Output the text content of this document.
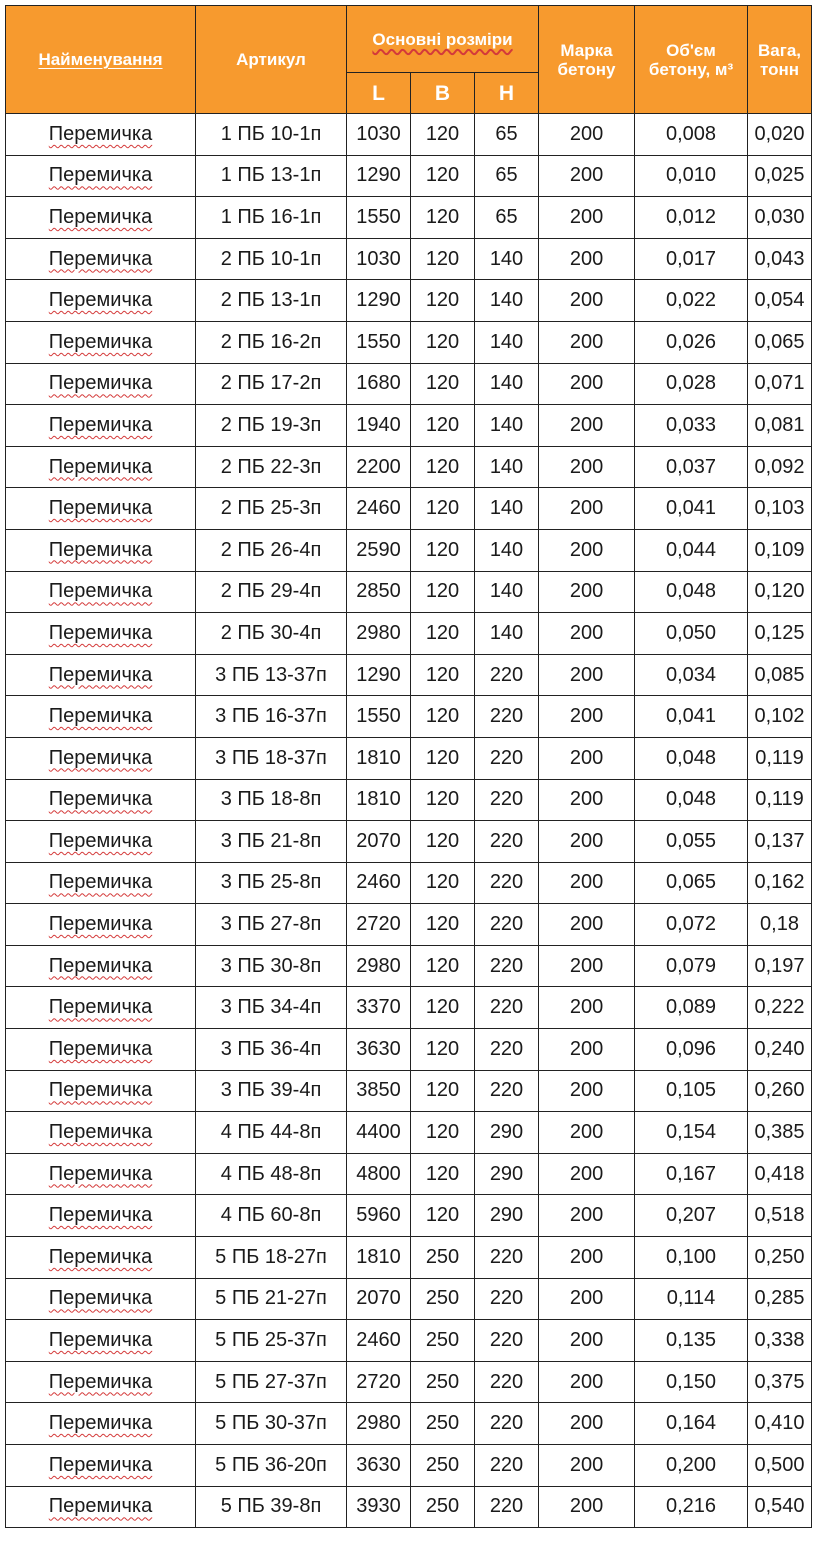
Найменування	Артикул	Основні розміри			Марка бетону	Об'єм бетону, м³	Вага, тонн
		L	B	H			
Перемичка	1 ПБ 10-1п	1030	120	65	200	0,008	0,020
Перемичка	1 ПБ 13-1п	1290	120	65	200	0,010	0,025
Перемичка	1 ПБ 16-1п	1550	120	65	200	0,012	0,030
Перемичка	2 ПБ 10-1п	1030	120	140	200	0,017	0,043
Перемичка	2 ПБ 13-1п	1290	120	140	200	0,022	0,054
Перемичка	2 ПБ 16-2п	1550	120	140	200	0,026	0,065
Перемичка	2 ПБ 17-2п	1680	120	140	200	0,028	0,071
Перемичка	2 ПБ 19-3п	1940	120	140	200	0,033	0,081
Перемичка	2 ПБ 22-3п	2200	120	140	200	0,037	0,092
Перемичка	2 ПБ 25-3п	2460	120	140	200	0,041	0,103
Перемичка	2 ПБ 26-4п	2590	120	140	200	0,044	0,109
Перемичка	2 ПБ 29-4п	2850	120	140	200	0,048	0,120
Перемичка	2 ПБ 30-4п	2980	120	140	200	0,050	0,125
Перемичка	3 ПБ 13-37п	1290	120	220	200	0,034	0,085
Перемичка	3 ПБ 16-37п	1550	120	220	200	0,041	0,102
Перемичка	3 ПБ 18-37п	1810	120	220	200	0,048	0,119
Перемичка	3 ПБ 18-8п	1810	120	220	200	0,048	0,119
Перемичка	3 ПБ 21-8п	2070	120	220	200	0,055	0,137
Перемичка	3 ПБ 25-8п	2460	120	220	200	0,065	0,162
Перемичка	3 ПБ 27-8п	2720	120	220	200	0,072	0,18
Перемичка	3 ПБ 30-8п	2980	120	220	200	0,079	0,197
Перемичка	3 ПБ 34-4п	3370	120	220	200	0,089	0,222
Перемичка	3 ПБ 36-4п	3630	120	220	200	0,096	0,240
Перемичка	3 ПБ 39-4п	3850	120	220	200	0,105	0,260
Перемичка	4 ПБ 44-8п	4400	120	290	200	0,154	0,385
Перемичка	4 ПБ 48-8п	4800	120	290	200	0,167	0,418
Перемичка	4 ПБ 60-8п	5960	120	290	200	0,207	0,518
Перемичка	5 ПБ 18-27п	1810	250	220	200	0,100	0,250
Перемичка	5 ПБ 21-27п	2070	250	220	200	0,114	0,285
Перемичка	5 ПБ 25-37п	2460	250	220	200	0,135	0,338
Перемичка	5 ПБ 27-37п	2720	250	220	200	0,150	0,375
Перемичка	5 ПБ 30-37п	2980	250	220	200	0,164	0,410
Перемичка	5 ПБ 36-20п	3630	250	220	200	0,200	0,500
Перемичка	5 ПБ 39-8п	3930	250	220	200	0,216	0,540
